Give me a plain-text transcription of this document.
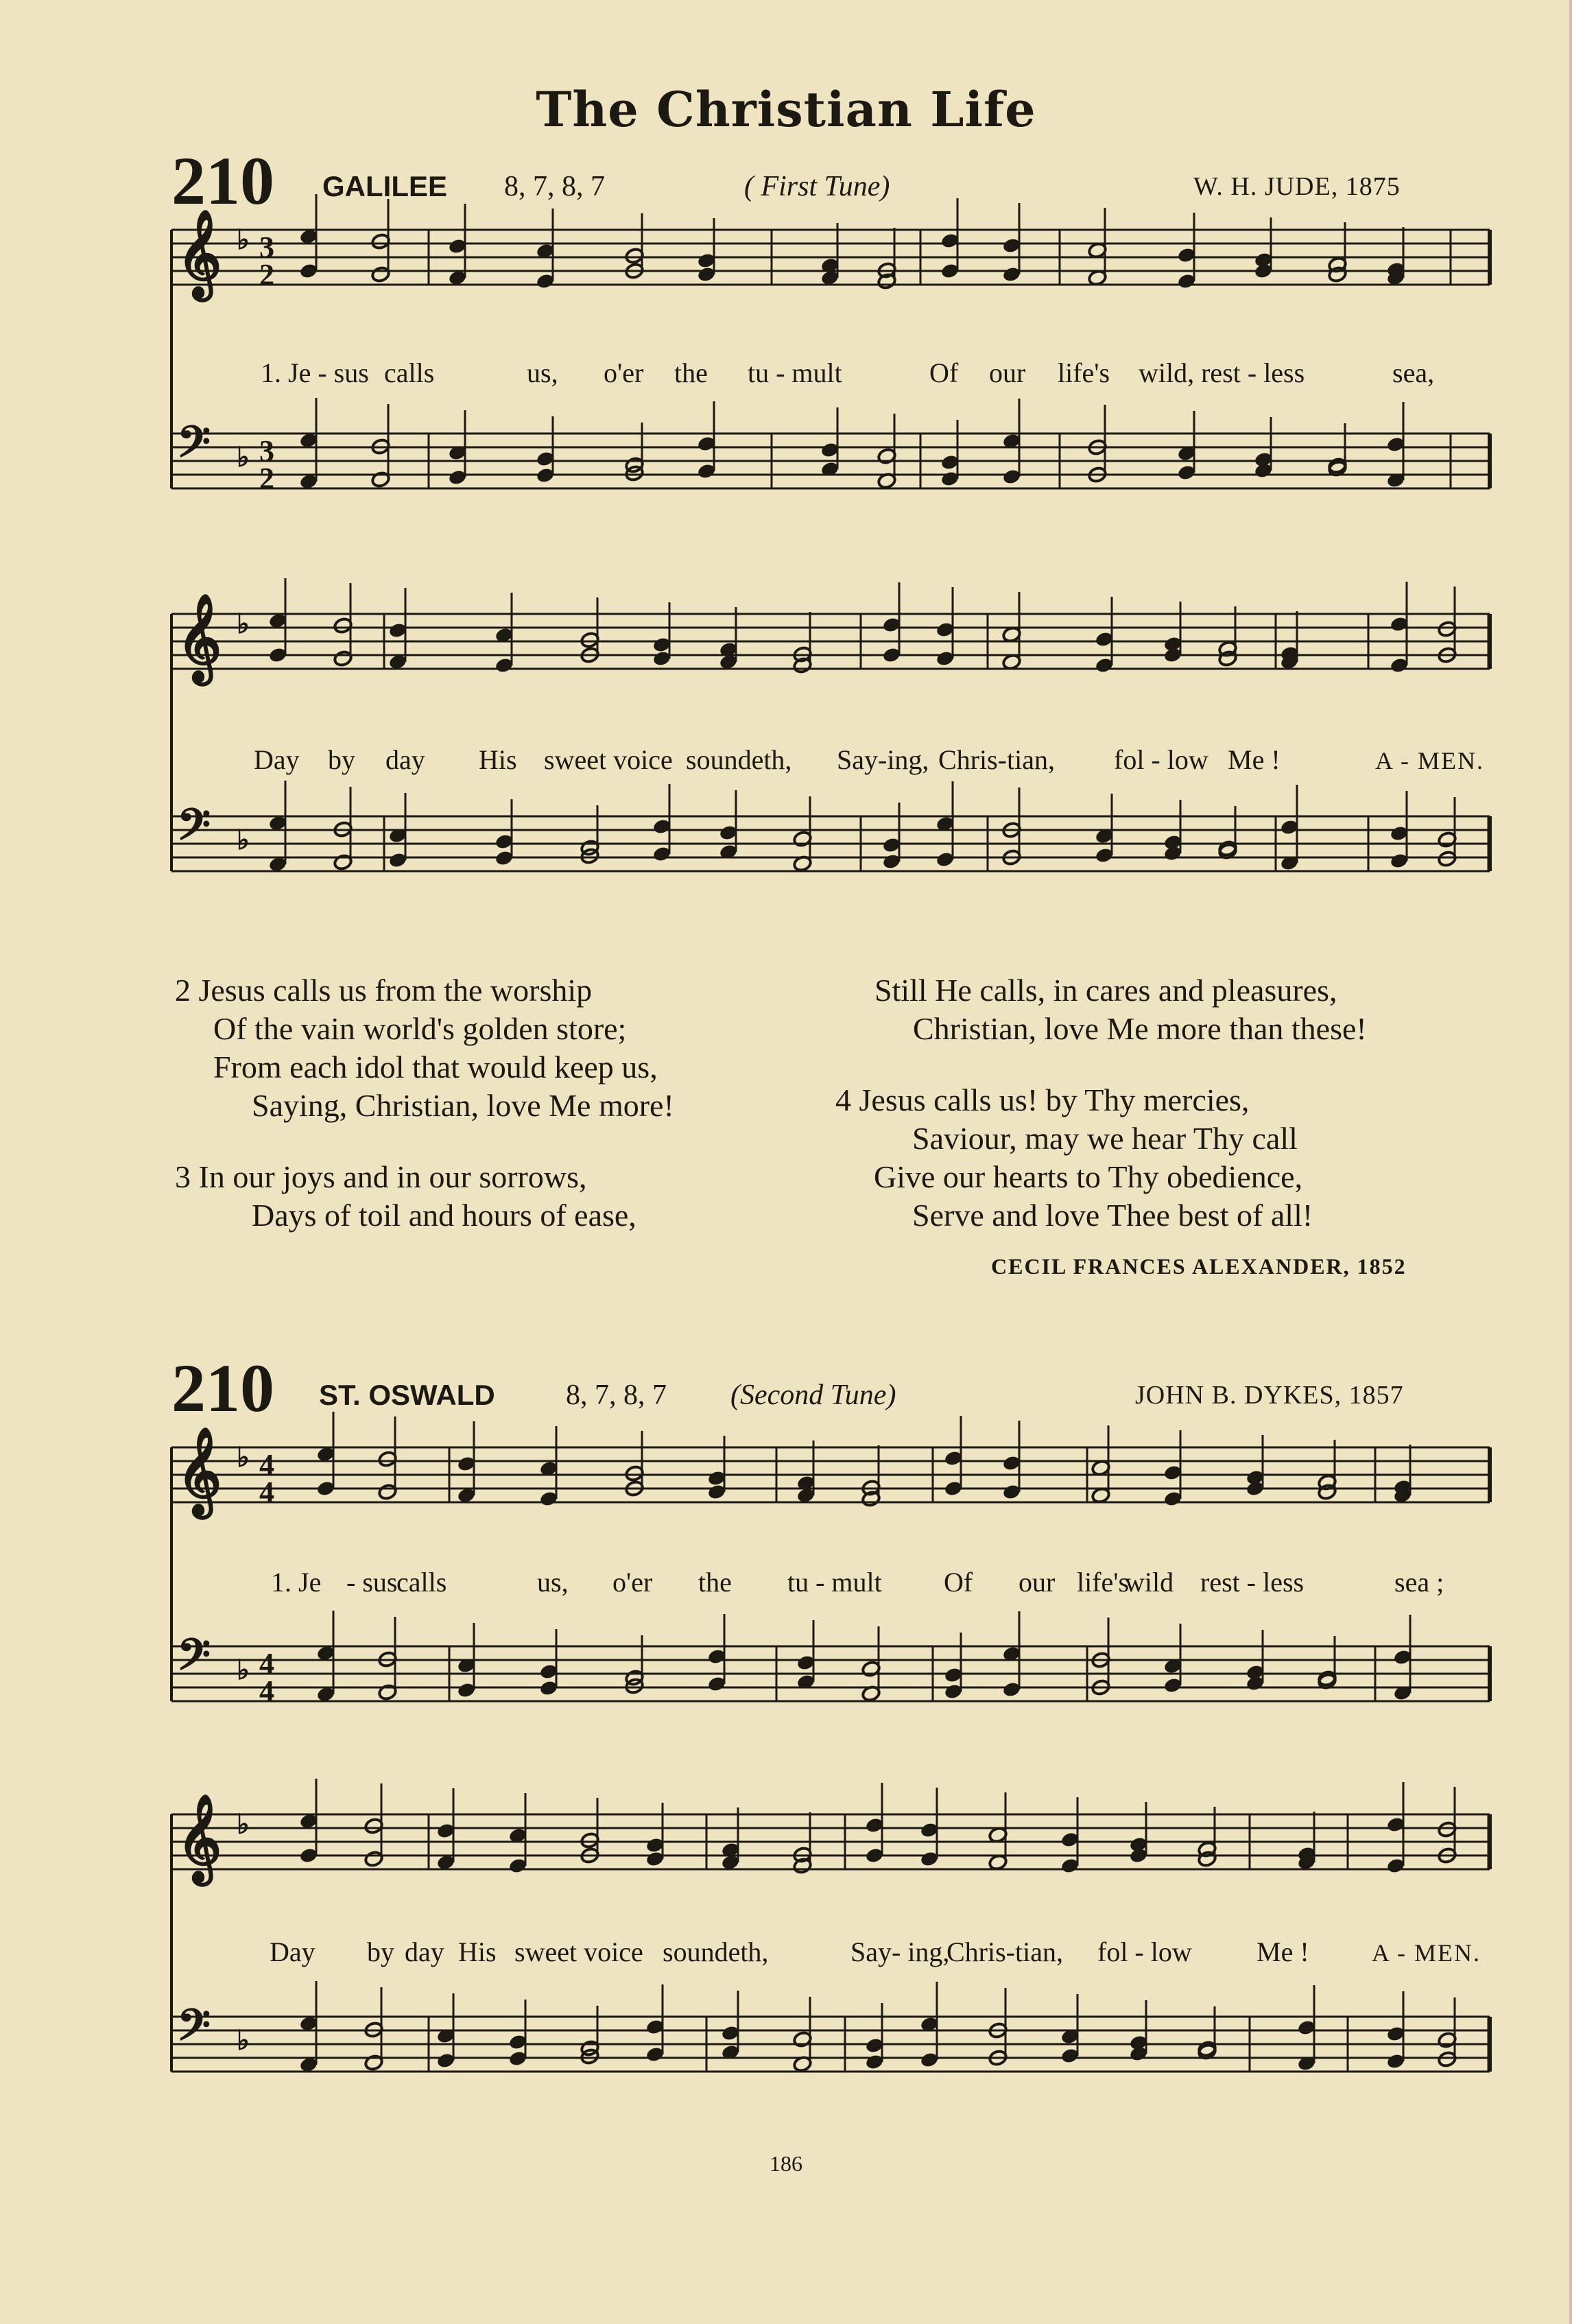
The Christian Life
210 GALILEE 8, 7, 8, 7	( First Tune)	W. H. JUDE, 1875
𝄞
𝄢
♭
♭
3
2
3
2
𝄞
𝄢
♭
♭
𝄞
𝄢
♭
♭
4
4
4
4
𝄞
𝄢
♭
♭
1. Je - sus calls	us, o'er the tu - mult	Of our life's wild, rest - less	sea,
Day by day His sweet voice soundeth, Say-ing, Chris-tian, fol - low Me !	A - MEN.
2 Jesus calls us from the worship
Of the vain world's golden store;
From each idol that would keep us,
Saying, Christian, love Me more!
3 In our joys and in our sorrows,
Days of toil and hours of ease,
Still He calls, in cares and pleasures,
Christian, love Me more than these!
4 Jesus calls us! by Thy mercies,
Saviour, may we hear Thy call
Give our hearts to Thy obedience,
Serve and love Thee best of all!
CECIL FRANCES ALEXANDER, 1852
210 ST. OSWALD 8, 7, 8, 7 (Second Tune)	JOHN B. DYKES, 1857
1. Je - sus
calls	us, o'er the tu - mult Of our life's
wild rest - less	sea ;
Day by day His sweet voice soundeth,	Say- ing,
Chris-tian, fol - low Me !	A - MEN.
186
